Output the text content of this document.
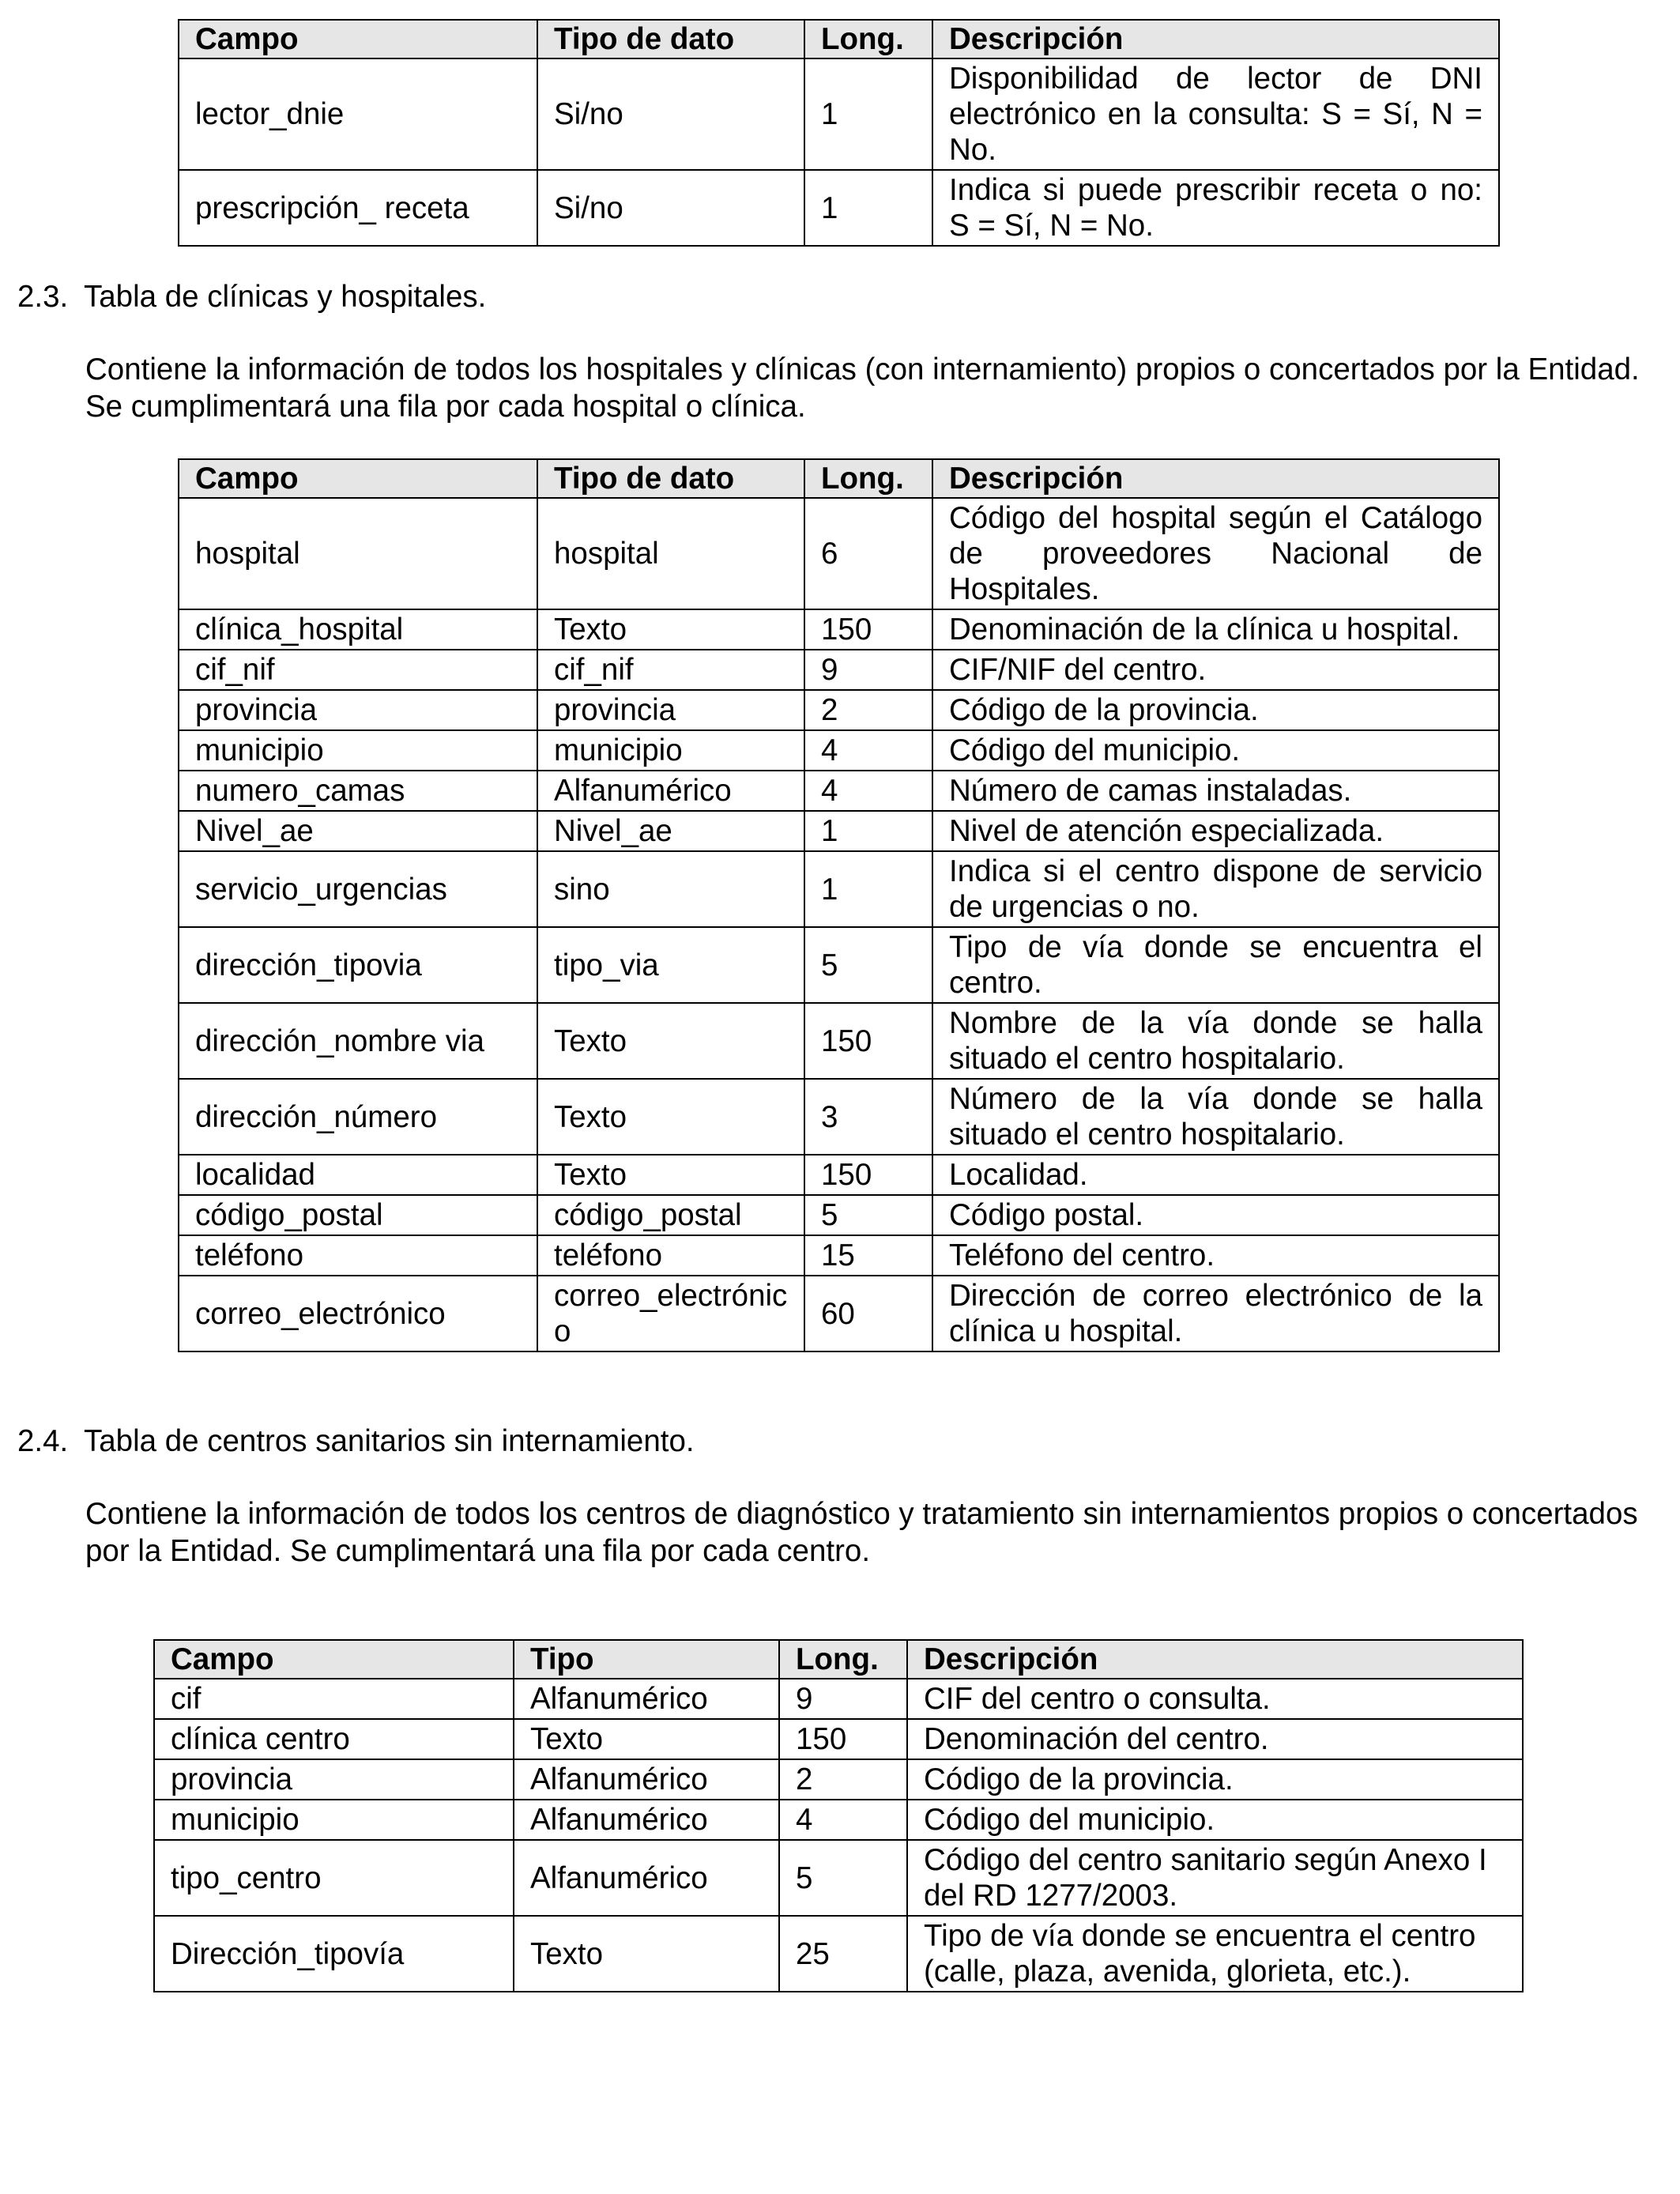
Campo	Tipo de dato	Long.	Descripción
lector_dnie	Si/no	1	Disponibilidad de lector de DNI electrónico en la consulta: S = Sí, N = No.
prescripción_ receta	Si/no	1	Indica si puede prescribir receta o no: S = Sí, N = No.

2.3. Tabla de clínicas y hospitales.

Contiene la información de todos los hospitales y clínicas (con internamiento) propios o concertados por la Entidad. Se cumplimentará una fila por cada hospital o clínica.

Campo	Tipo de dato	Long.	Descripción
hospital	hospital	6	Código del hospital según el Catálogo de proveedores Nacional de Hospitales.
clínica_hospital	Texto	150	Denominación de la clínica u hospital.
cif_nif	cif_nif	9	CIF/NIF del centro.
provincia	provincia	2	Código de la provincia.
municipio	municipio	4	Código del municipio.
numero_camas	Alfanumérico	4	Número de camas instaladas.
Nivel_ae	Nivel_ae	1	Nivel de atención especializada.
servicio_urgencias	sino	1	Indica si el centro dispone de servicio de urgencias o no.
dirección_tipovia	tipo_via	5	Tipo de vía donde se encuentra el centro.
dirección_nombre via	Texto	150	Nombre de la vía donde se halla situado el centro hospitalario.
dirección_número	Texto	3	Número de la vía donde se halla situado el centro hospitalario.
localidad	Texto	150	Localidad.
código_postal	código_postal	5	Código postal.
teléfono	teléfono	15	Teléfono del centro.
correo_electrónico	correo_electrónico	60	Dirección de correo electrónico de la clínica u hospital.

2.4. Tabla de centros sanitarios sin internamiento.

Contiene la información de todos los centros de diagnóstico y tratamiento sin internamientos propios o concertados por la Entidad. Se cumplimentará una fila por cada centro.

Campo	Tipo	Long.	Descripción
cif	Alfanumérico	9	CIF del centro o consulta.
clínica centro	Texto	150	Denominación del centro.
provincia	Alfanumérico	2	Código de la provincia.
municipio	Alfanumérico	4	Código del municipio.
tipo_centro	Alfanumérico	5	Código del centro sanitario según Anexo I del RD 1277/2003.
Dirección_tipovía	Texto	25	Tipo de vía donde se encuentra el centro (calle, plaza, avenida, glorieta, etc.).
